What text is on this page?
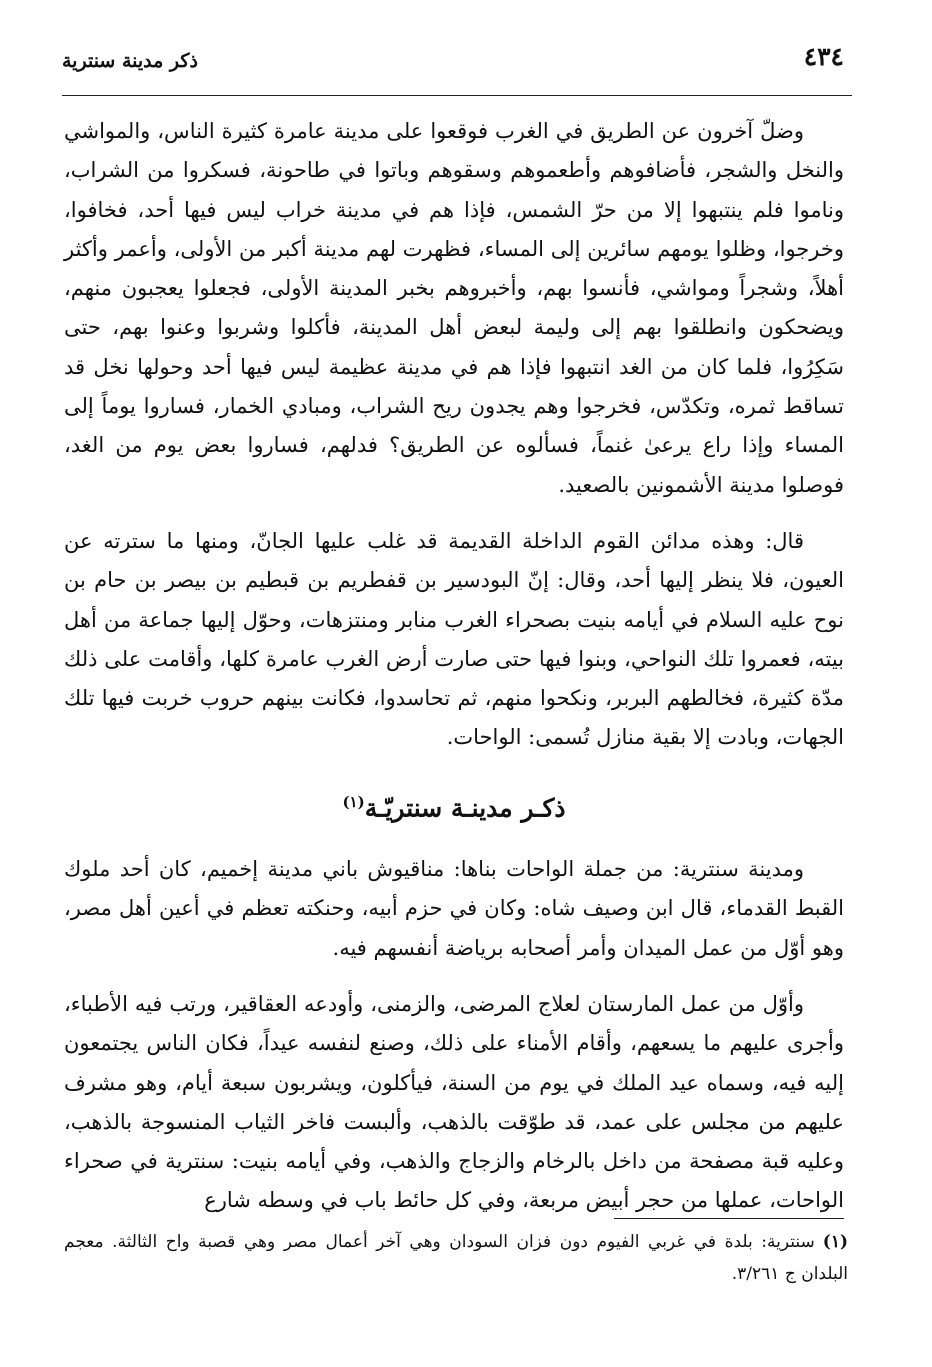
٤٣٤
ذكر مدينة سنترية

وضلّ آخرون عن الطريق في الغرب فوقعوا على مدينة عامرة كثيرة الناس، والمواشي والنخل والشجر، فأضافوهم وأطعموهم وسقوهم وباتوا في طاحونة، فسكروا من الشراب، وناموا فلم ينتبهوا إلا من حرّ الشمس، فإذا هم في مدينة خراب ليس فيها أحد، فخافوا، وخرجوا، وظلوا يومهم سائرين إلى المساء، فظهرت لهم مدينة أكبر من الأولى، وأعمر وأكثر أهلاً، وشجراً ومواشي، فأنسوا بهم، وأخبروهم بخبر المدينة الأولى، فجعلوا يعجبون منهم، ويضحكون وانطلقوا بهم إلى وليمة لبعض أهل المدينة، فأكلوا وشربوا وعنوا بهم، حتى سَكِرُوا، فلما كان من الغد انتبهوا فإذا هم في مدينة عظيمة ليس فيها أحد وحولها نخل قد تساقط ثمره، وتكدّس، فخرجوا وهم يجدون ريح الشراب، ومبادي الخمار، فساروا يوماً إلى المساء وإذا راع يرعىٰ غنماً، فسألوه عن الطريق؟ فدلهم، فساروا بعض يوم من الغد، فوصلوا مدينة الأشمونين بالصعيد.

قال: وهذه مدائن القوم الداخلة القديمة قد غلب عليها الجانّ، ومنها ما سترته عن العيون، فلا ينظر إليها أحد، وقال: إنّ البودسير بن قفطريم بن قبطيم بن بيصر بن حام بن نوح عليه السلام في أيامه بنيت بصحراء الغرب منابر ومنتزهات، وحوّل إليها جماعة من أهل بيته، فعمروا تلك النواحي، وبنوا فيها حتى صارت أرض الغرب عامرة كلها، وأقامت على ذلك مدّة كثيرة، فخالطهم البربر، ونكحوا منهم، ثم تحاسدوا، فكانت بينهم حروب خربت فيها تلك الجهات، وبادت إلا بقية منازل تُسمى: الواحات.

ذكـر مدينـة سنتريّـة$^{(١)}$

ومدينة سنترية: من جملة الواحات بناها: مناقيوش باني مدينة إخميم، كان أحد ملوك القبط القدماء، قال ابن وصيف شاه: وكان في حزم أبيه، وحنكته تعظم في أعين أهل مصر، وهو أوّل من عمل الميدان وأمر أصحابه برياضة أنفسهم فيه.

وأوّل من عمل المارستان لعلاج المرضى، والزمنى، وأودعه العقاقير، ورتب فيه الأطباء، وأجرى عليهم ما يسعهم، وأقام الأمناء على ذلك، وصنع لنفسه عيداً، فكان الناس يجتمعون إليه فيه، وسماه عيد الملك في يوم من السنة، فيأكلون، ويشربون سبعة أيام، وهو مشرف عليهم من مجلس على عمد، قد طوّقت بالذهب، وألبست فاخر الثياب المنسوجة بالذهب، وعليه قبة مصفحة من داخل بالرخام والزجاج والذهب، وفي أيامه بنيت: سنترية في صحراء الواحات، عملها من حجر أبيض مربعة، وفي كل حائط باب في وسطه شارع

(١)سنترية: بلدة في غربي الفيوم دون فزان السودان وهي آخر أعمال مصر وهي قصبة واح الثالثة. معجم البلدان ج ٣/٢٦١.
